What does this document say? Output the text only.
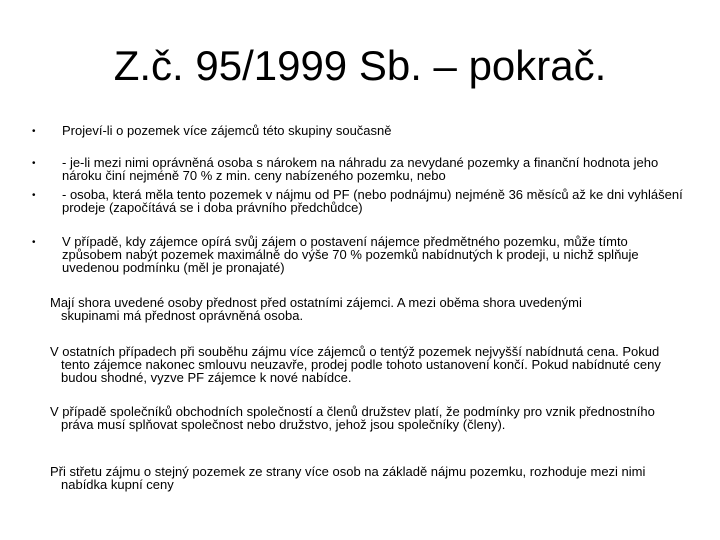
Z.č. 95/1999 Sb. – pokrač.
• Projeví-li o pozemek více zájemců této skupiny současně
• - je-li mezi nimi oprávněná osoba s nárokem na náhradu za nevydané pozemky a finanční hodnota jeho nároku činí nejméně 70 % z min. ceny nabízeného pozemku, nebo
• - osoba, která měla tento pozemek v nájmu od PF (nebo podnájmu) nejméně 36 měsíců až ke dni vyhlášení prodeje (započítává se i doba právního předchůdce)
• V případě, kdy zájemce opírá svůj zájem o postavení nájemce předmětného pozemku, může tímto způsobem nabýt pozemek maximálně do výše 70 % pozemků nabídnutých k prodeji, u nichž splňuje uvedenou podmínku (měl je pronajaté)
Mají shora uvedené osoby přednost před ostatními zájemci. A mezi oběma shora uvedenými skupinami má přednost oprávněná osoba.
V ostatních případech při souběhu zájmu více zájemců o tentýž pozemek nejvyšší nabídnutá cena. Pokud tento zájemce nakonec smlouvu neuzavře, prodej podle tohoto ustanovení končí. Pokud nabídnuté ceny budou shodné, vyzve PF zájemce k nové nabídce.
V případě společníků obchodních společností a členů družstev platí, že podmínky pro vznik přednostního práva musí splňovat společnost nebo družstvo, jehož jsou společníky (členy).
Při střetu zájmu o stejný pozemek ze strany více osob na základě nájmu pozemku, rozhoduje mezi nimi nabídka kupní ceny
